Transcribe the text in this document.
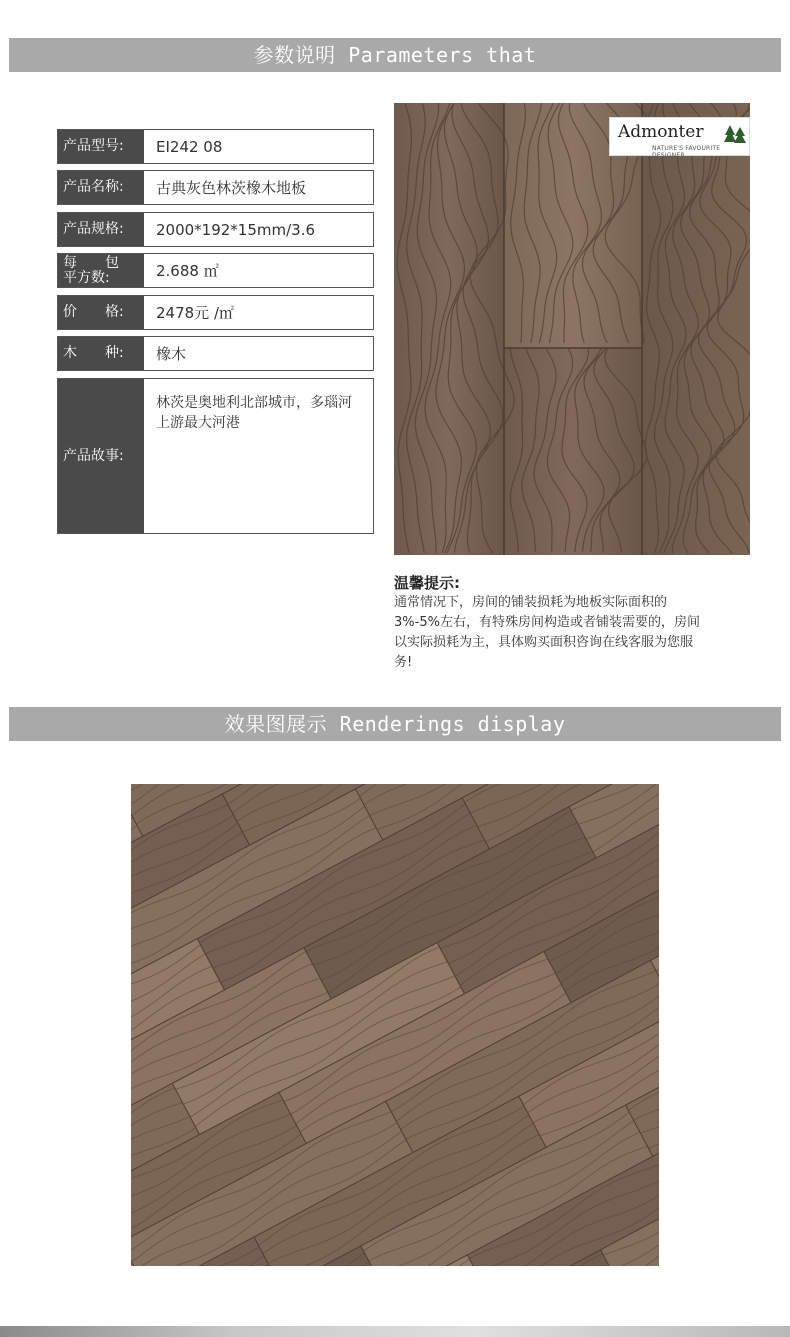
参数说明 Parameters that
产品型号:	EI242 08
产品名称:	古典灰色林茨橡木地板
产品规格:	2000*192*15mm/3.6
每　　包
平方数:	2.688 ㎡
价　　格:	2478元 /㎡
木　　种:	橡木
产品故事:
林茨是奥地利北部城市，多瑙河上游最大河港
Admonter
NATURE'S FAVOURITE DESIGNER
温馨提示:
通常情况下，房间的铺装损耗为地板实际面积的3%-5%左右，有特殊房间构造或者铺装需要的，房间以实际损耗为主，具体购买面积咨询在线客服为您服务!
效果图展示 Renderings display
